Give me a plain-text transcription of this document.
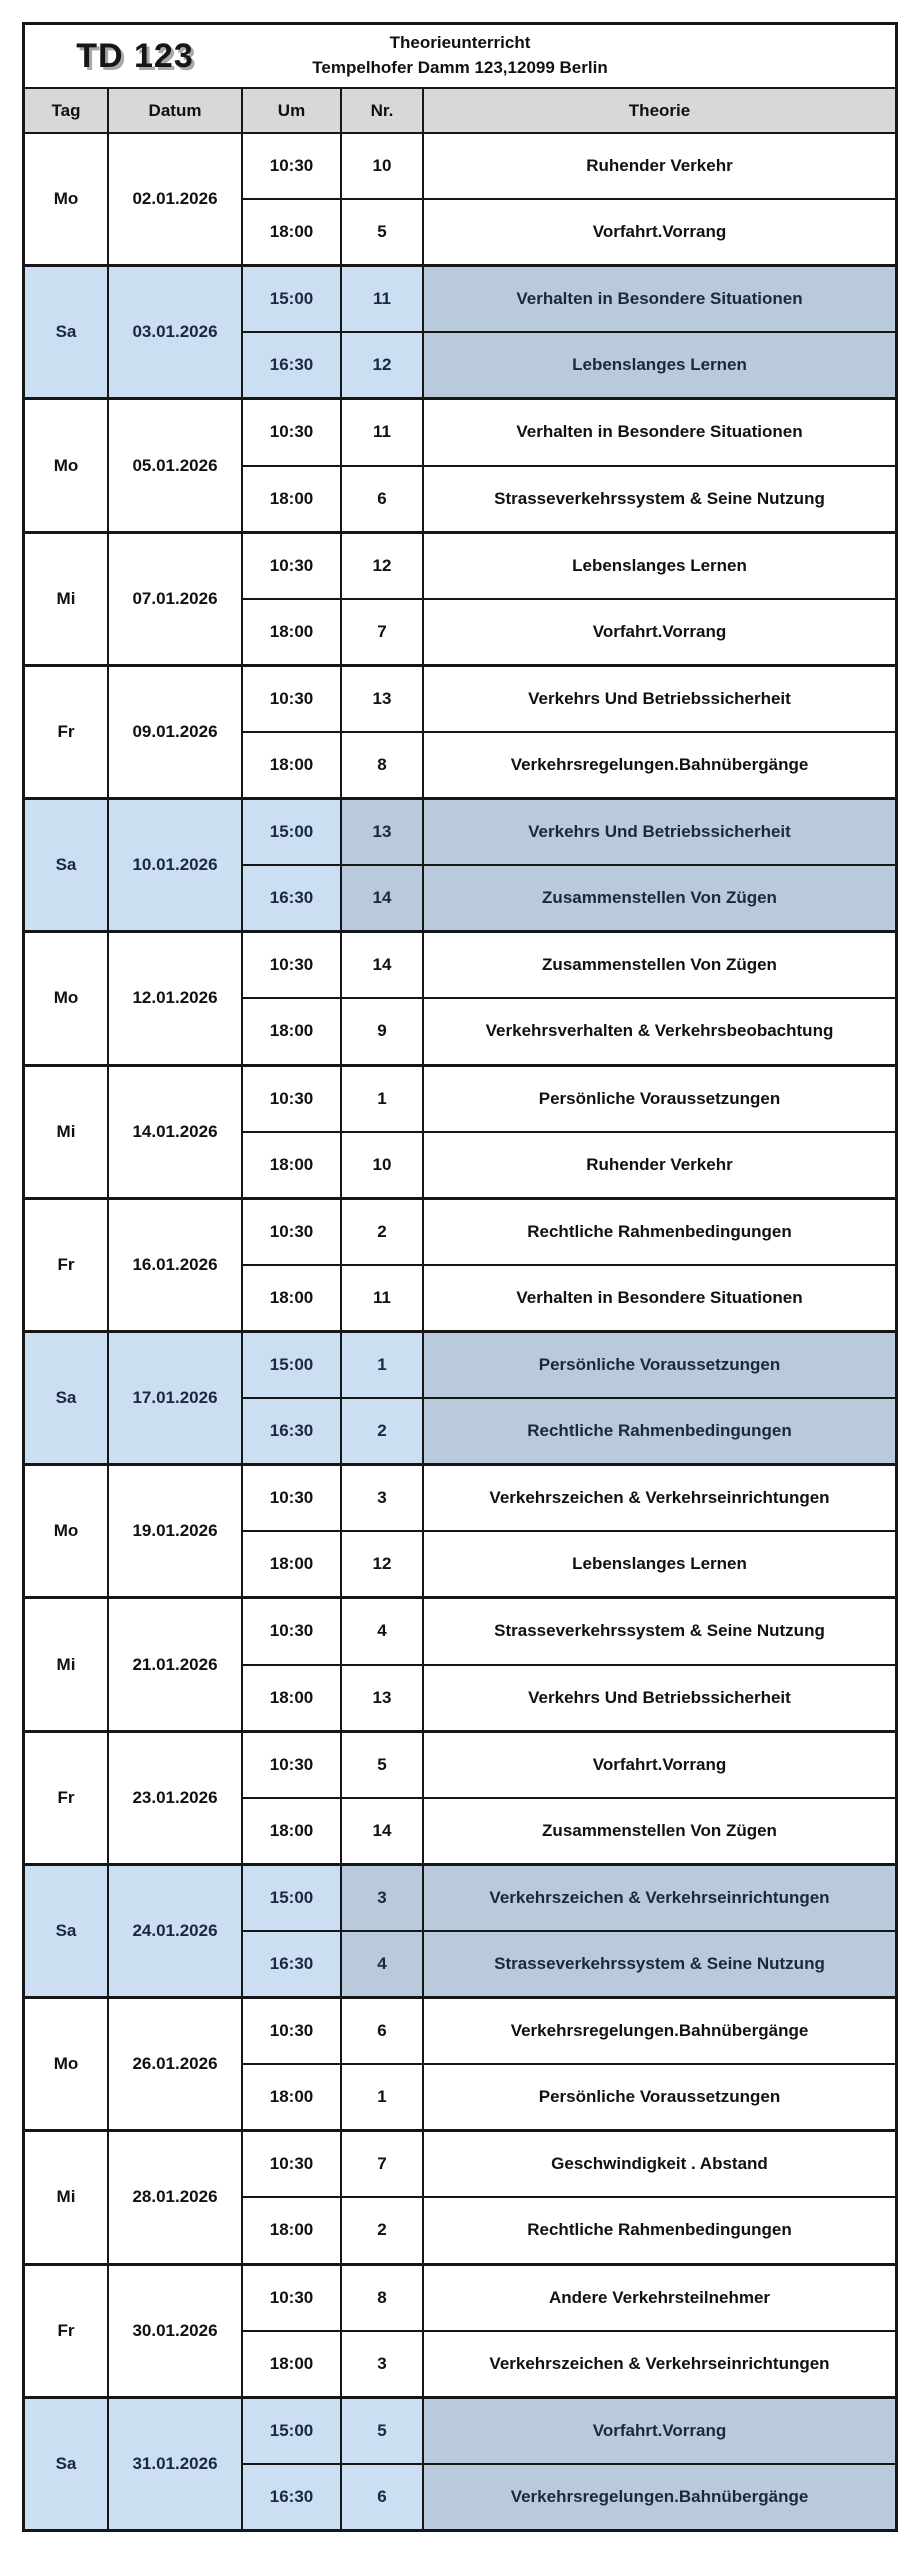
TD 123	Theorieunterricht
Tempelhofer Damm 123,12099 Berlin
Tag	Datum	Um	Nr.	Theorie
Mo	02.01.2026
10:30	10	Ruhender Verkehr
18:00	5	Vorfahrt.Vorrang
Sa	03.01.2026
15:00	11	Verhalten in Besondere Situationen
16:30	12	Lebenslanges Lernen
Mo	05.01.2026
10:30	11	Verhalten in Besondere Situationen
18:00	6	Strasseverkehrssystem & Seine Nutzung
Mi	07.01.2026
10:30	12	Lebenslanges Lernen
18:00	7	Vorfahrt.Vorrang
Fr	09.01.2026
10:30	13	Verkehrs Und Betriebssicherheit
18:00	8	Verkehrsregelungen.Bahnübergänge
Sa	10.01.2026
15:00	13	Verkehrs Und Betriebssicherheit
16:30	14	Zusammenstellen Von Zügen
Mo	12.01.2026
10:30	14	Zusammenstellen Von Zügen
18:00	9	Verkehrsverhalten & Verkehrsbeobachtung
Mi	14.01.2026
10:30	1	Persönliche Voraussetzungen
18:00	10	Ruhender Verkehr
Fr	16.01.2026
10:30	2	Rechtliche Rahmenbedingungen
18:00	11	Verhalten in Besondere Situationen
Sa	17.01.2026
15:00	1	Persönliche Voraussetzungen
16:30	2	Rechtliche Rahmenbedingungen
Mo	19.01.2026
10:30	3	Verkehrszeichen & Verkehrseinrichtungen
18:00	12	Lebenslanges Lernen
Mi	21.01.2026
10:30	4	Strasseverkehrssystem & Seine Nutzung
18:00	13	Verkehrs Und Betriebssicherheit
Fr	23.01.2026
10:30	5	Vorfahrt.Vorrang
18:00	14	Zusammenstellen Von Zügen
Sa	24.01.2026
15:00	3	Verkehrszeichen & Verkehrseinrichtungen
16:30	4	Strasseverkehrssystem & Seine Nutzung
Mo	26.01.2026
10:30	6	Verkehrsregelungen.Bahnübergänge
18:00	1	Persönliche Voraussetzungen
Mi	28.01.2026
10:30	7	Geschwindigkeit . Abstand
18:00	2	Rechtliche Rahmenbedingungen
Fr	30.01.2026
10:30	8	Andere Verkehrsteilnehmer
18:00	3	Verkehrszeichen & Verkehrseinrichtungen
Sa	31.01.2026
15:00	5	Vorfahrt.Vorrang
16:30	6	Verkehrsregelungen.Bahnübergänge
